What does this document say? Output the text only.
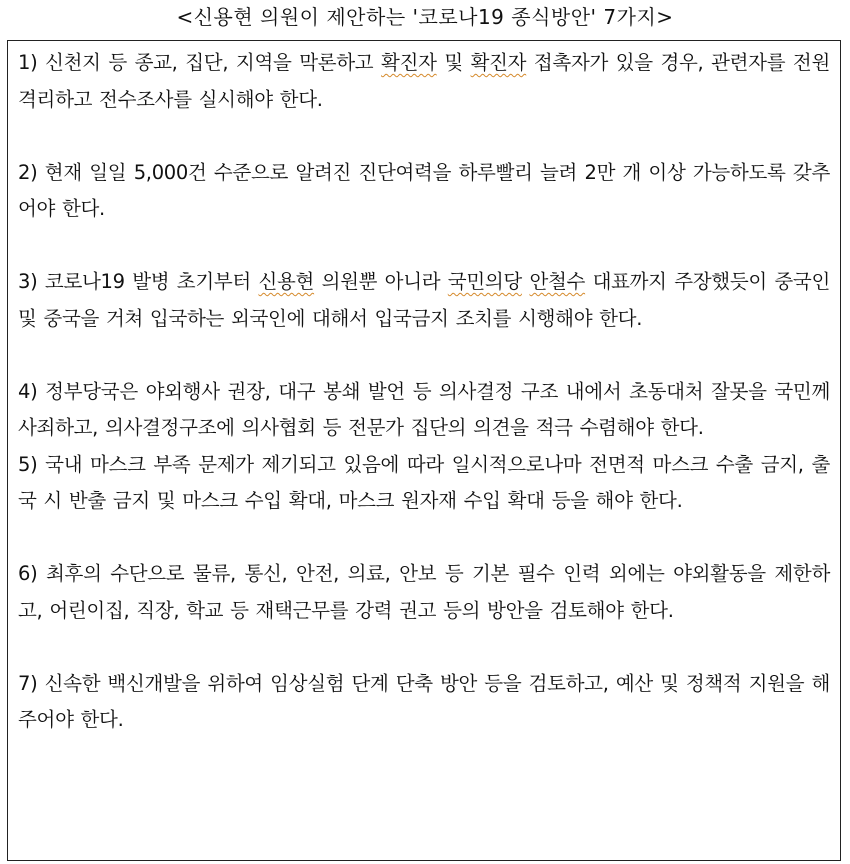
<신용현 의원이 제안하는 '코로나19 종식방안' 7가지>

1) 신천지 등 종교, 집단, 지역을 막론하고 확진자 및 확진자 접촉자가 있을 경우, 관련자를 전원격리하고 전수조사를 실시해야 한다.

2) 현재 일일 5,000건 수준으로 알려진 진단여력을 하루빨리 늘려 2만 개 이상 가능하도록 갖추어야 한다.

3) 코로나19 발병 초기부터 신용현 의원뿐 아니라 국민의당 안철수 대표까지 주장했듯이 중국인 및 중국을 거쳐 입국하는 외국인에 대해서 입국금지 조치를 시행해야 한다.

4) 정부당국은 야외행사 권장, 대구 봉쇄 발언 등 의사결정 구조 내에서 초동대처 잘못을 국민께 사죄하고, 의사결정구조에 의사협회 등 전문가 집단의 의견을 적극 수렴해야 한다.

5) 국내 마스크 부족 문제가 제기되고 있음에 따라 일시적으로나마 전면적 마스크 수출 금지, 출국 시 반출 금지 및 마스크 수입 확대, 마스크 원자재 수입 확대 등을 해야 한다.

6) 최후의 수단으로 물류, 통신, 안전, 의료, 안보 등 기본 필수 인력 외에는 야외활동을 제한하고, 어린이집, 직장, 학교 등 재택근무를 강력 권고 등의 방안을 검토해야 한다.

7) 신속한 백신개발을 위하여 임상실험 단계 단축 방안 등을 검토하고, 예산 및 정책적 지원을 해주어야 한다.
